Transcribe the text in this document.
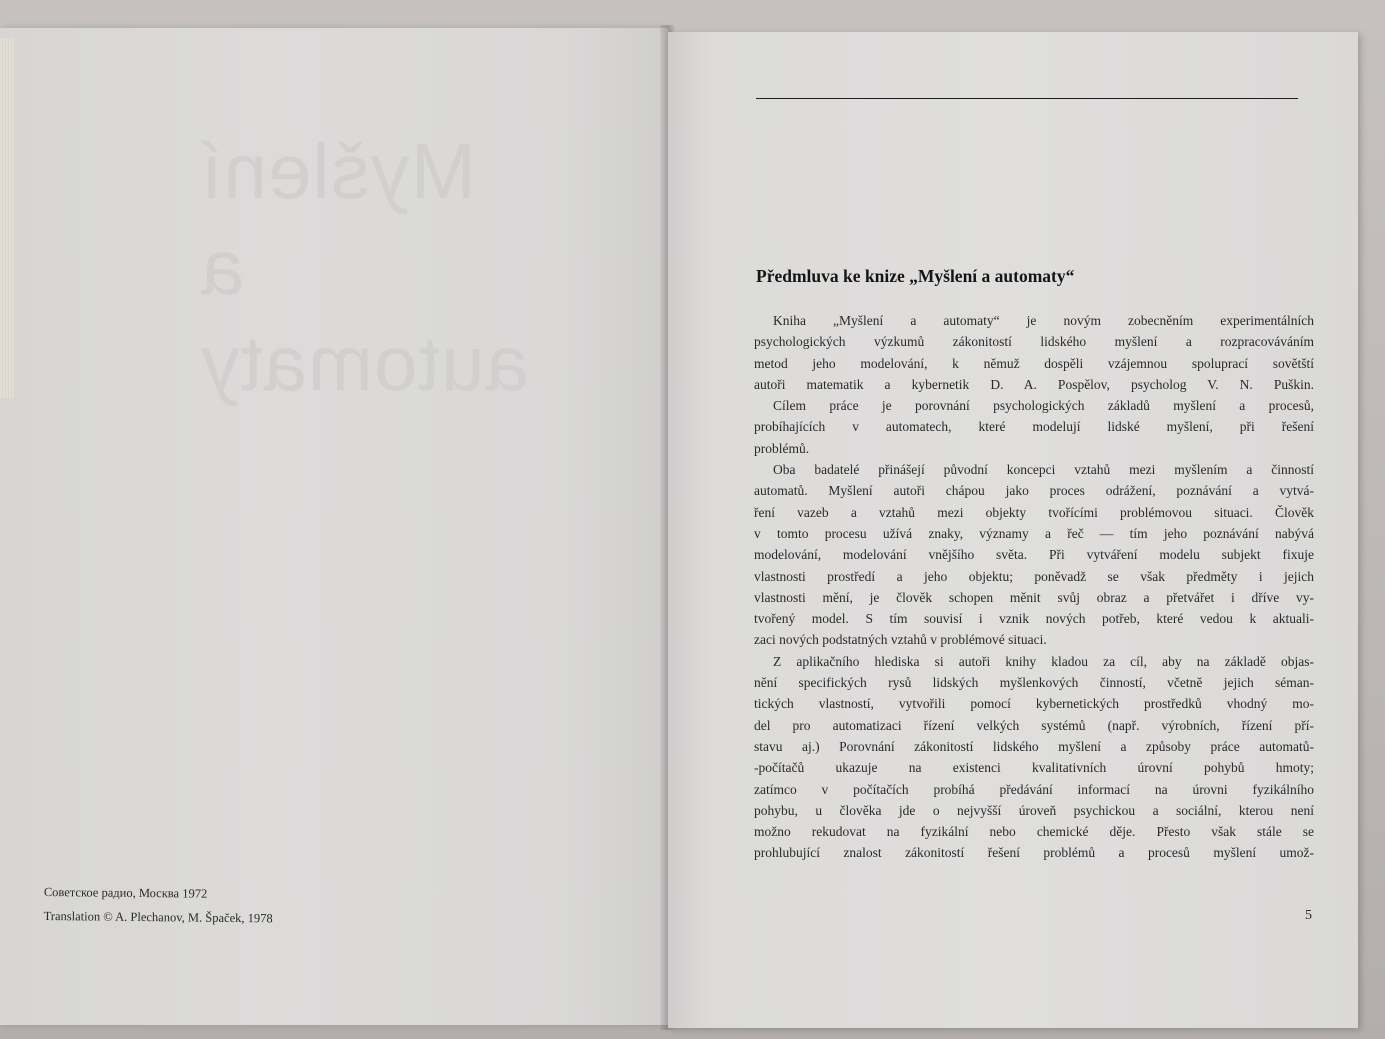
Myšlení
a automaty
Советское радио, Москва 1972
Translation © A. Plechanov, M. Špaček, 1978
Předmluva ke knize „Myšlení a automaty“
Kniha „Myšlení a automaty“ je novým zobecněním experimentálních
psychologických výzkumů zákonitostí lidského myšlení a rozpracováváním
metod jeho modelování, k němuž dospěli vzájemnou spoluprací sovětští
autoři matematik a kybernetik D. A. Pospělov, psycholog V. N. Puškin.
Cílem práce je porovnání psychologických základů myšlení a procesů,
probíhajících v automatech, které modelují lidské myšlení, při řešení
problémů.
Oba badatelé přinášejí původní koncepci vztahů mezi myšlením a činností
automatů. Myšlení autoři chápou jako proces odrážení, poznávání a vytvá-
ření vazeb a vztahů mezi objekty tvořícími problémovou situaci. Člověk
v tomto procesu užívá znaky, významy a řeč — tím jeho poznávání nabývá
modelování, modelování vnějšího světa. Při vytváření modelu subjekt fixuje
vlastnosti prostředí a jeho objektu; poněvadž se však předměty i jejich
vlastnosti mění, je člověk schopen měnit svůj obraz a přetvářet i dříve vy-
tvořený model. S tím souvisí i vznik nových potřeb, které vedou k aktuali-
zaci nových podstatných vztahů v problémové situaci.
Z aplikačního hlediska si autoři knihy kladou za cíl, aby na základě objas-
nění specifických rysů lidských myšlenkových činností, včetně jejich séman-
tických vlastností, vytvořili pomocí kybernetických prostředků vhodný mo-
del pro automatizaci řízení velkých systémů (např. výrobních, řízení pří-
stavu aj.) Porovnání zákonitostí lidského myšlení a způsoby práce automatů-
-počítačů ukazuje na existenci kvalitativních úrovní pohybů hmoty;
zatímco v počítačích probíhá předávání informací na úrovni fyzikálního
pohybu, u člověka jde o nejvyšší úroveň psychickou a sociální, kterou není
možno rekudovat na fyzikální nebo chemické děje. Přesto však stále se
prohlubující znalost zákonitostí řešení problémů a procesů myšlení umož-
5
